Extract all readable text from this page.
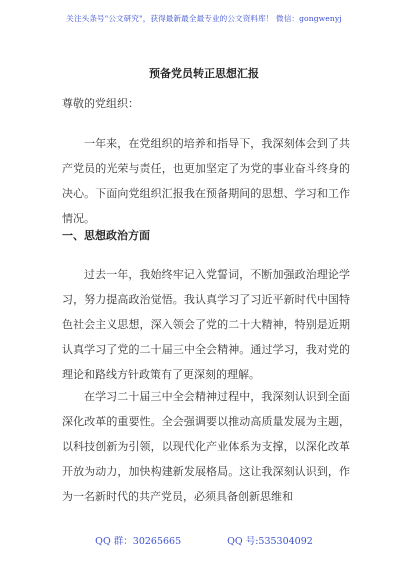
关注头条号"公文研究"，获得最新最全最专业的公文资料库！ 微信：gongwenyj
预备党员转正思想汇报
尊敬的党组织：
一年来，在党组织的培养和指导下，我深刻体会到了共产党员的光荣与责任，也更加坚定了为党的事业奋斗终身的决心。下面向党组织汇报我在预备期间的思想、学习和工作情况。
一、思想政治方面
过去一年，我始终牢记入党誓词，不断加强政治理论学习，努力提高政治觉悟。我认真学习了习近平新时代中国特色社会主义思想，深入领会了党的二十大精神，特别是近期认真学习了党的二十届三中全会精神。通过学习，我对党的理论和路线方针政策有了更深刻的理解。
在学习二十届三中全会精神过程中，我深刻认识到全面深化改革的重要性。全会强调要以推动高质量发展为主题，以科技创新为引领，以现代化产业体系为支撑，以深化改革开放为动力，加快构建新发展格局。这让我深刻认识到，作为一名新时代的共产党员，必须具备创新思维和
QQ 群：30265665	QQ 号:535304092
